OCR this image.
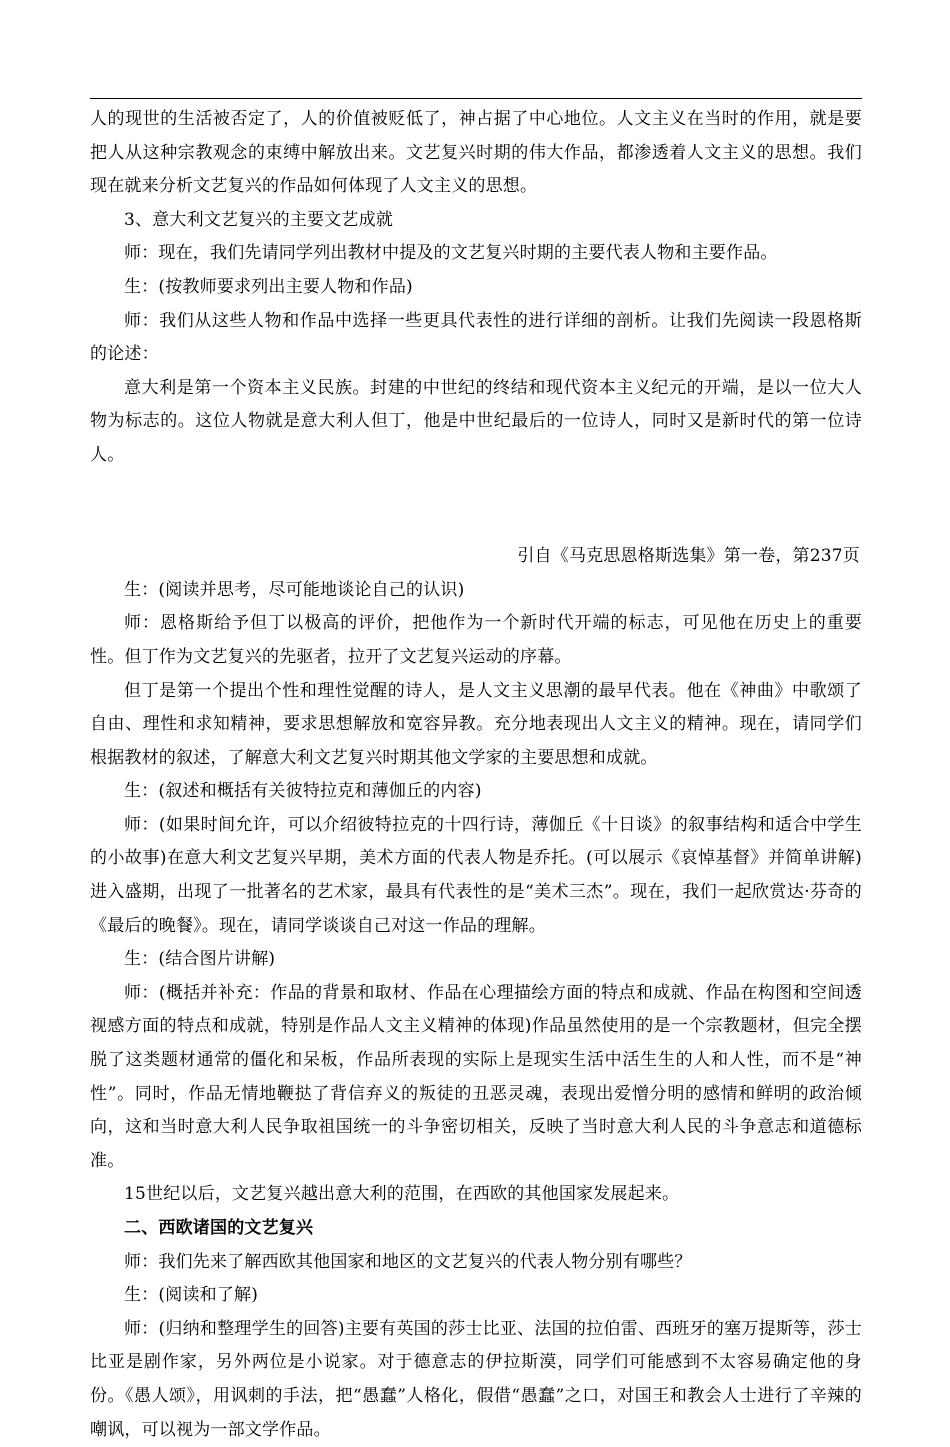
人的现世的生活被否定了，人的价值被贬低了，神占据了中心地位。人文主义在当时的作用，就是要把人从这种宗教观念的束缚中解放出来。文艺复兴时期的伟大作品，都渗透着人文主义的思想。我们现在就来分析文艺复兴的作品如何体现了人文主义的思想。

3、意大利文艺复兴的主要文艺成就

师：现在，我们先请同学列出教材中提及的文艺复兴时期的主要代表人物和主要作品。

生：(按教师要求列出主要人物和作品)

师：我们从这些人物和作品中选择一些更具代表性的进行详细的剖析。让我们先阅读一段恩格斯的论述：

意大利是第一个资本主义民族。封建的中世纪的终结和现代资本主义纪元的开端，是以一位大人物为标志的。这位人物就是意大利人但丁，他是中世纪最后的一位诗人，同时又是新时代的第一位诗人。

引自《马克思恩格斯选集》第一卷，第237页

生：(阅读并思考，尽可能地谈论自己的认识)

师：恩格斯给予但丁以极高的评价，把他作为一个新时代开端的标志，可见他在历史上的重要性。但丁作为文艺复兴的先驱者，拉开了文艺复兴运动的序幕。

但丁是第一个提出个性和理性觉醒的诗人，是人文主义思潮的最早代表。他在《神曲》中歌颂了自由、理性和求知精神，要求思想解放和宽容异教。充分地表现出人文主义的精神。现在，请同学们根据教材的叙述，了解意大利文艺复兴时期其他文学家的主要思想和成就。

生：(叙述和概括有关彼特拉克和薄伽丘的内容)

师：(如果时间允许，可以介绍彼特拉克的十四行诗，薄伽丘《十日谈》的叙事结构和适合中学生的小故事)在意大利文艺复兴早期，美术方面的代表人物是乔托。(可以展示《哀悼基督》并简单讲解)进入盛期，出现了一批著名的艺术家，最具有代表性的是“美术三杰”。现在，我们一起欣赏达·芬奇的《最后的晚餐》。现在，请同学谈谈自己对这一作品的理解。

生：(结合图片讲解)

师：(概括并补充：作品的背景和取材、作品在心理描绘方面的特点和成就、作品在构图和空间透视感方面的特点和成就，特别是作品人文主义精神的体现)作品虽然使用的是一个宗教题材，但完全摆脱了这类题材通常的僵化和呆板，作品所表现的实际上是现实生活中活生生的人和人性，而不是“神性”。同时，作品无情地鞭挞了背信弃义的叛徒的丑恶灵魂，表现出爱憎分明的感情和鲜明的政治倾向，这和当时意大利人民争取祖国统一的斗争密切相关，反映了当时意大利人民的斗争意志和道德标准。

15世纪以后，文艺复兴越出意大利的范围，在西欧的其他国家发展起来。

二、西欧诸国的文艺复兴

师：我们先来了解西欧其他国家和地区的文艺复兴的代表人物分别有哪些？

生：(阅读和了解)

师：(归纳和整理学生的回答)主要有英国的莎士比亚、法国的拉伯雷、西班牙的塞万提斯等，莎士比亚是剧作家，另外两位是小说家。对于德意志的伊拉斯漠，同学们可能感到不太容易确定他的身份。《愚人颂》，用讽刺的手法，把“愚蠢”人格化，假借“愚蠢”之口，对国王和教会人士进行了辛辣的嘲讽，可以视为一部文学作品。
